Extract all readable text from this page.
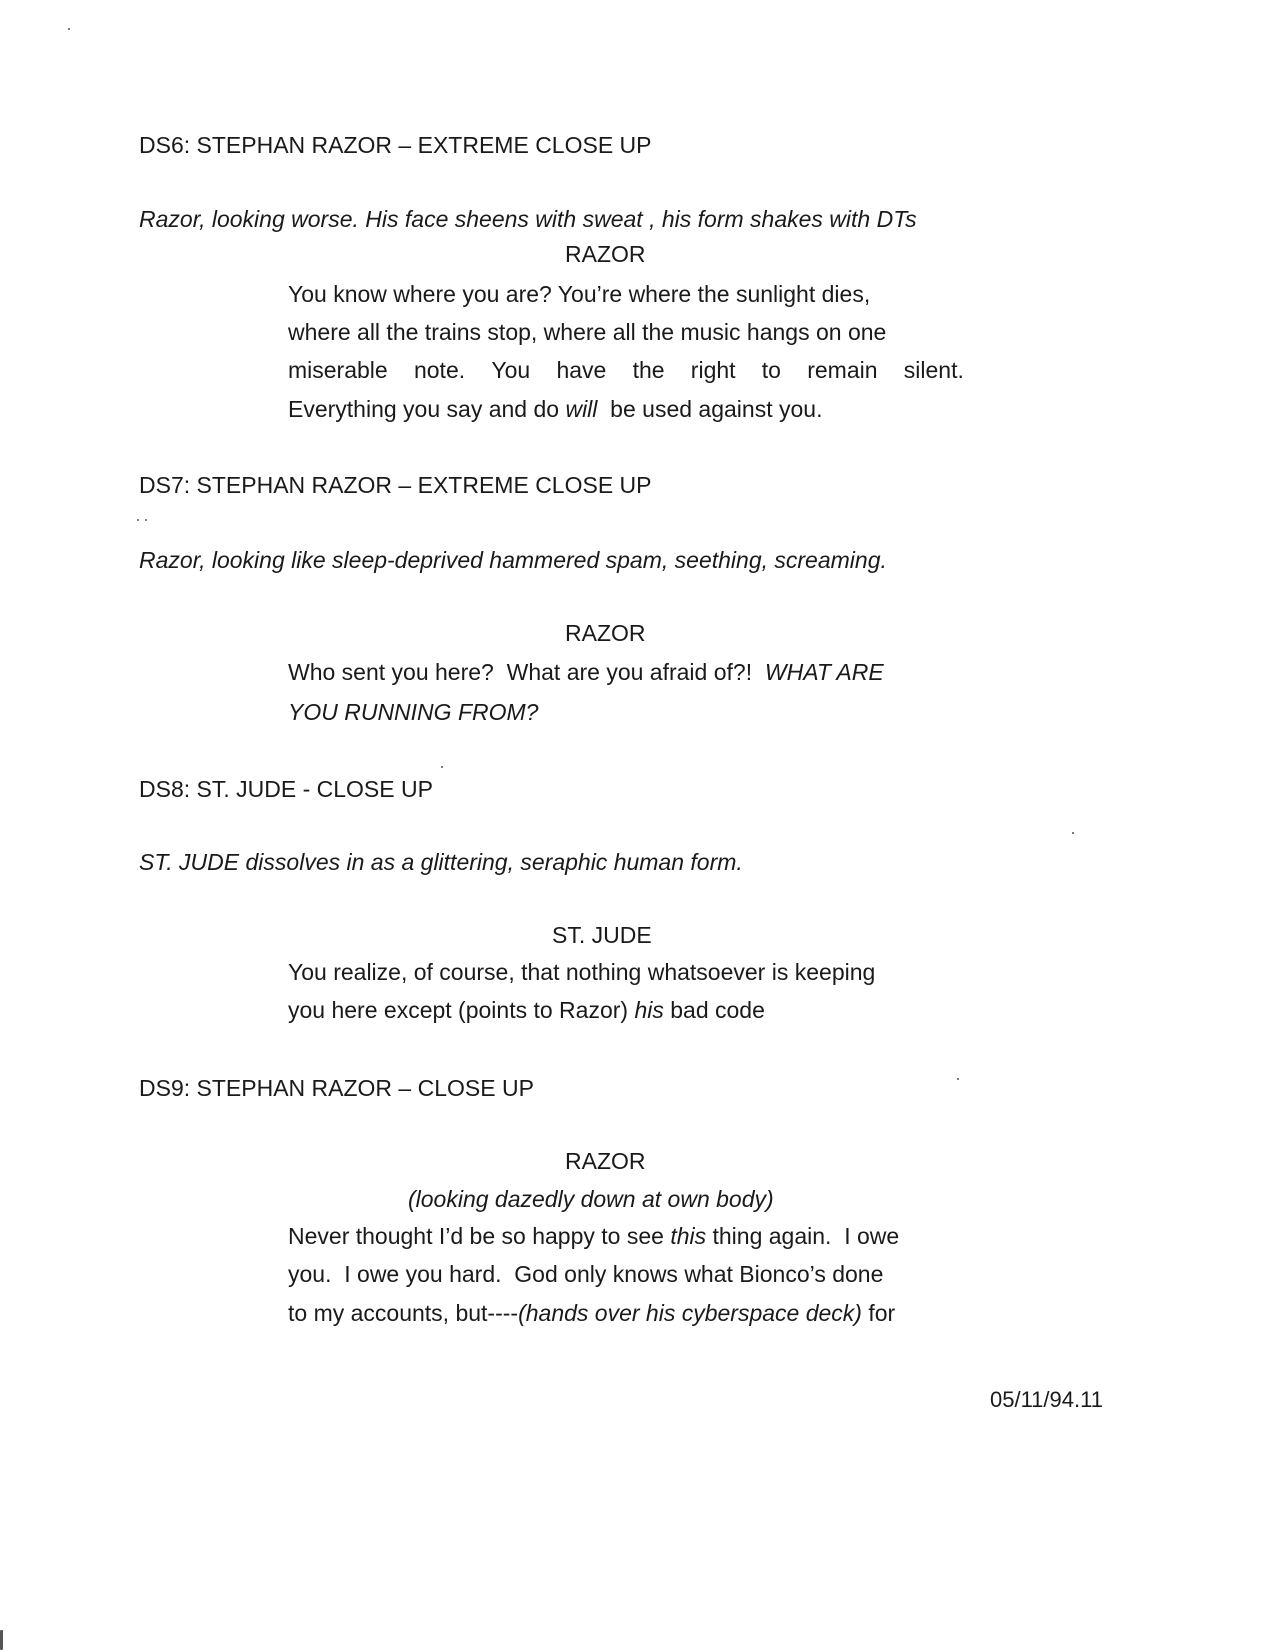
DS6: STEPHAN RAZOR – EXTREME CLOSE UP
Razor, looking worse. His face sheens with sweat , his form shakes with DTs
RAZOR
You know where you are? You’re where the sunlight dies,
where all the trains stop, where all the music hangs on one
miserable note. You have the right to remain silent.
Everything you say and do will  be used against you.
DS7: STEPHAN RAZOR – EXTREME CLOSE UP
Razor, looking like sleep-deprived hammered spam, seething, screaming.
RAZOR
Who sent you here?  What are you afraid of?!  WHAT ARE
YOU RUNNING FROM?
DS8: ST. JUDE - CLOSE UP
ST. JUDE dissolves in as a glittering, seraphic human form.
ST. JUDE
You realize, of course, that nothing whatsoever is keeping
you here except (points to Razor) his bad code
DS9: STEPHAN RAZOR – CLOSE UP
RAZOR
(looking dazedly down at own body)
Never thought I’d be so happy to see this thing again.  I owe
you.  I owe you hard.  God only knows what Bionco’s done
to my accounts, but----(hands over his cyberspace deck) for
05/11/94.11
